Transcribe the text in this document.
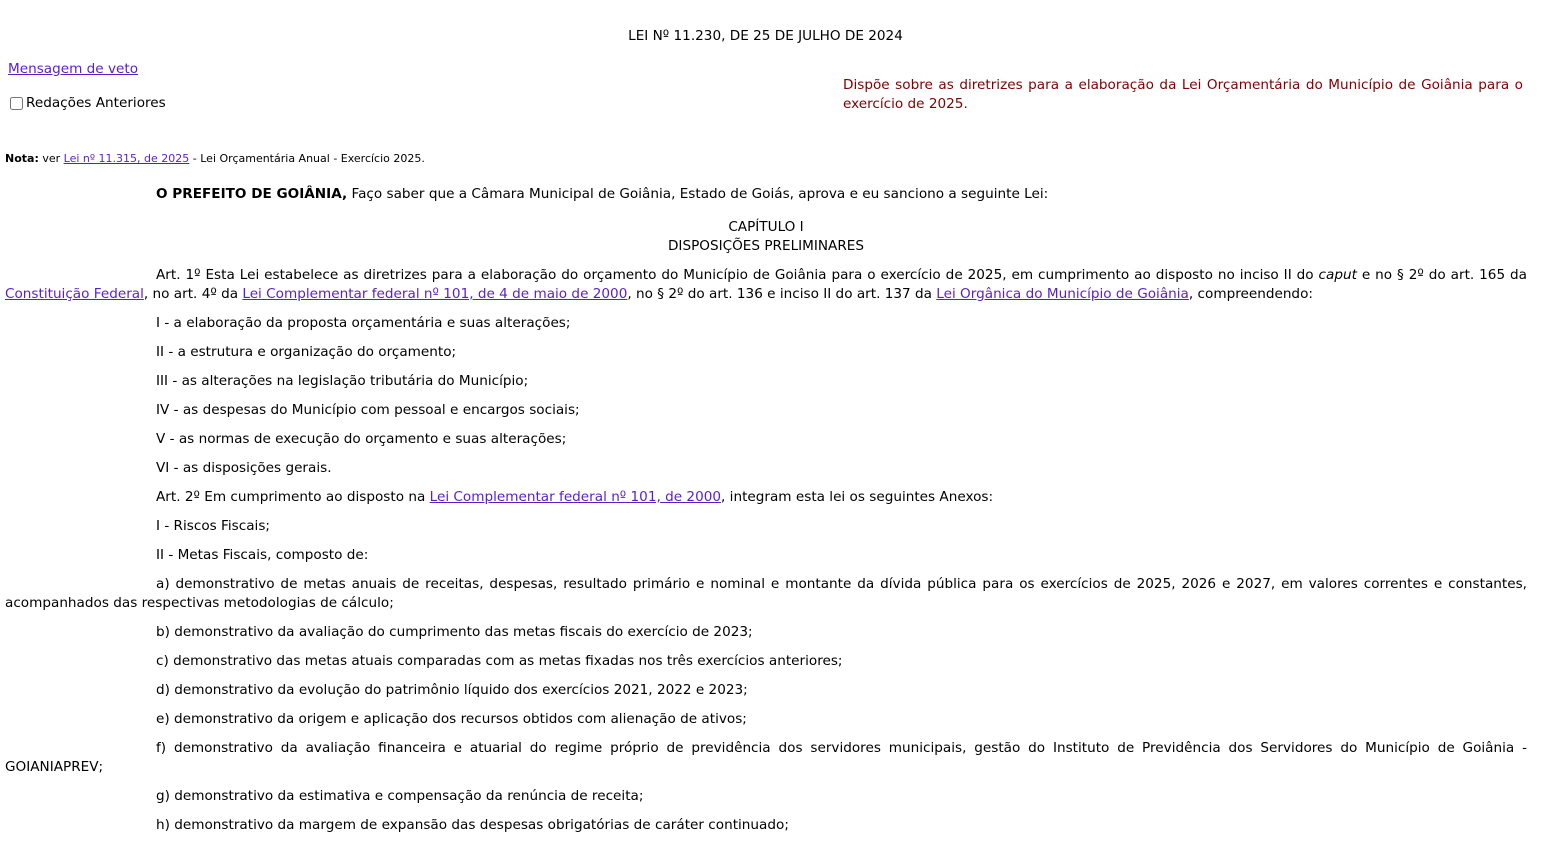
LEI Nº 11.230, DE 25 DE JULHO DE 2024
Mensagem de veto
Redações Anteriores
Dispõe sobre as diretrizes para a elaboração da Lei Orçamentária do Município de Goiânia para o exercício de 2025.
Nota: ver Lei nº 11.315, de 2025 - Lei Orçamentária Anual - Exercício 2025.

O PREFEITO DE GOIÂNIA, Faço saber que a Câmara Municipal de Goiânia, Estado de Goiás, aprova e eu sanciono a seguinte Lei:

CAPÍTULO I
DISPOSIÇÕES PRELIMINARES

Art. 1º Esta Lei estabelece as diretrizes para a elaboração do orçamento do Município de Goiânia para o exercício de 2025, em cumprimento ao disposto no inciso II do caput e no § 2º do art. 165 da Constituição Federal, no art. 4º da Lei Complementar federal nº 101, de 4 de maio de 2000, no § 2º do art. 136 e inciso II do art. 137 da Lei Orgânica do Município de Goiânia, compreendendo:

I - a elaboração da proposta orçamentária e suas alterações;

II - a estrutura e organização do orçamento;

III - as alterações na legislação tributária do Município;

IV - as despesas do Município com pessoal e encargos sociais;

V - as normas de execução do orçamento e suas alterações;

VI - as disposições gerais.

Art. 2º Em cumprimento ao disposto na Lei Complementar federal nº 101, de 2000, integram esta lei os seguintes Anexos:

I - Riscos Fiscais;

II - Metas Fiscais, composto de:

a) demonstrativo de metas anuais de receitas, despesas, resultado primário e nominal e montante da dívida pública para os exercícios de 2025, 2026 e 2027, em valores correntes e constantes, acompanhados das respectivas metodologias de cálculo;

b) demonstrativo da avaliação do cumprimento das metas fiscais do exercício de 2023;

c) demonstrativo das metas atuais comparadas com as metas fixadas nos três exercícios anteriores;

d) demonstrativo da evolução do patrimônio líquido dos exercícios 2021, 2022 e 2023;

e) demonstrativo da origem e aplicação dos recursos obtidos com alienação de ativos;

f) demonstrativo da avaliação financeira e atuarial do regime próprio de previdência dos servidores municipais, gestão do Instituto de Previdência dos Servidores do Município de Goiânia - GOIANIAPREV;

g) demonstrativo da estimativa e compensação da renúncia de receita;

h) demonstrativo da margem de expansão das despesas obrigatórias de caráter continuado;
